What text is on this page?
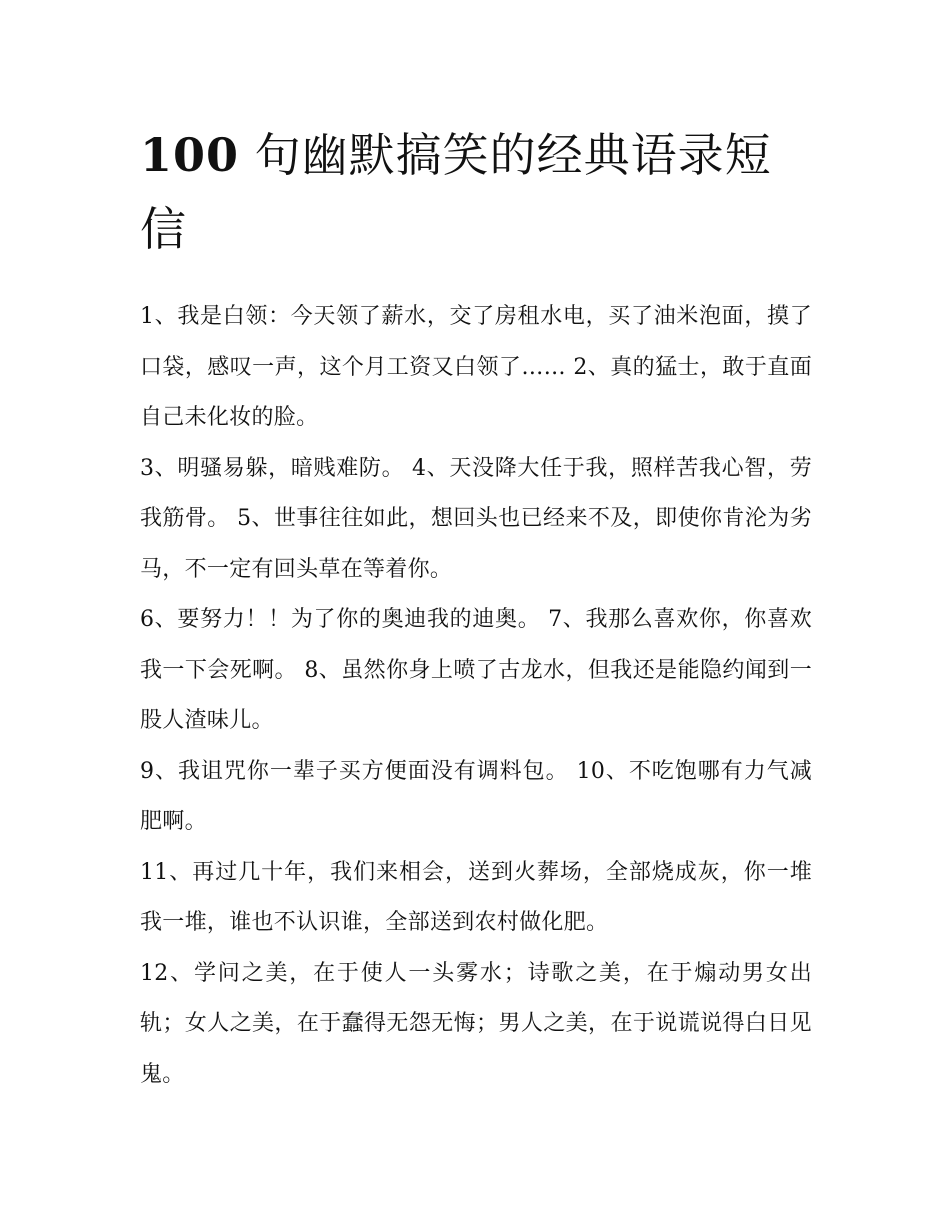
100 句幽默搞笑的经典语录短信

1、我是白领：今天领了薪水，交了房租水电，买了油米泡面，摸了口袋，感叹一声，这个月工资又白领了…… 2、真的猛士，敢于直面自己未化妆的脸。

3、明骚易躲，暗贱难防。 4、天没降大任于我，照样苦我心智，劳我筋骨。 5、世事往往如此，想回头也已经来不及，即使你肯沦为劣马，不一定有回头草在等着你。

6、要努力！！为了你的奥迪我的迪奥。 7、我那么喜欢你，你喜欢我一下会死啊。 8、虽然你身上喷了古龙水，但我还是能隐约闻到一股人渣味儿。

9、我诅咒你一辈子买方便面没有调料包。 10、不吃饱哪有力气减肥啊。

11、再过几十年，我们来相会，送到火葬场，全部烧成灰，你一堆我一堆，谁也不认识谁，全部送到农村做化肥。

12、学问之美，在于使人一头雾水；诗歌之美，在于煽动男女出轨；女人之美，在于蠢得无怨无悔；男人之美，在于说谎说得白日见鬼。
